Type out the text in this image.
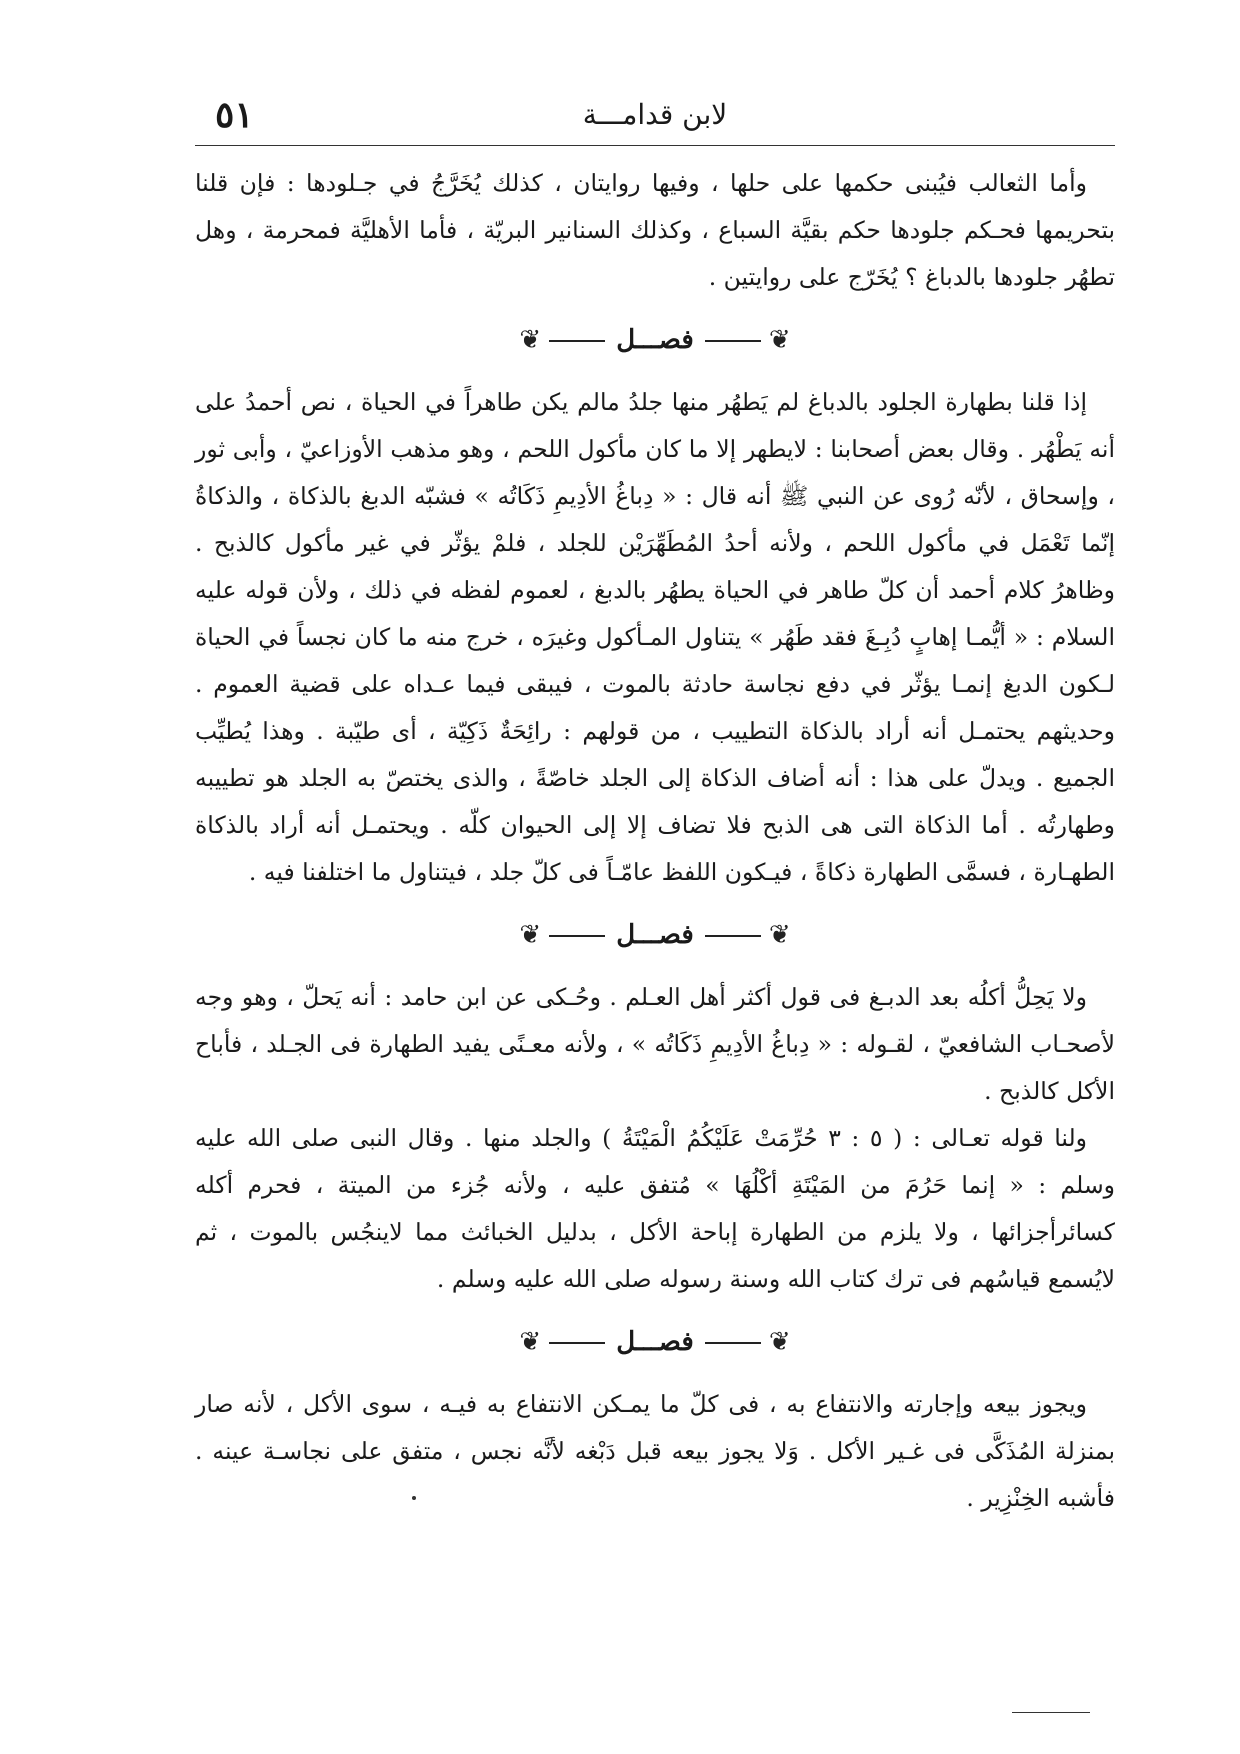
لابن قدامـــة
٥١

وأما الثعالب فيُبنى حكمها على حلها ، وفيها روايتان ، كذلك يُخَرَّجُ في جـلودها : فإن قلنا بتحريمها فحـكم جلودها حكم بقيَّة السباع ، وكذلك السنانير البريّة ، فأما الأهليَّة فمحرمة ، وهل تطهُر جلودها بالدباغ ؟ يُخَرّج على روايتين .

❦ فصـــل ❦

إذا قلنا بطهارة الجلود بالدباغ لم يَطهُر منها جلدُ مالم يكن طاهراً في الحياة ، نص أحمدُ على أنه يَطْهُر . وقال بعض أصحابنا : لايطهر إلا ما كان مأكول اللحم ، وهو مذهب الأوزاعيّ ، وأبى ثور ، وإسحاق ، لأنّه رُوى عن النبي ﷺ أنه قال : « دِباغُ الأدِيمِ ذَكَاتُه » فشبّه الدبغ بالذكاة ، والذكاةُ إنّما تَعْمَل في مأكول اللحم ، ولأنه أحدُ المُطَهِّرَيْن للجلد ، فلمْ يؤثّر في غير مأكول كالذبح . وظاهرُ كلام أحمد أن كلّ طاهر في الحياة يطهُر بالدبغ ، لعموم لفظه في ذلك ، ولأن قوله عليه السلام : « أيُّمـا إهابٍ دُبِـغَ فقد طَهُر » يتناول المـأكول وغيرَه ، خرج منه ما كان نجساً في الحياة لـكون الدبغ إنمـا يؤثّر في دفع نجاسة حادثة بالموت ، فيبقى فيما عـداه على قضية العموم . وحديثهم يحتمـل أنه أراد بالذكاة التطييب ، من قولهم : رائِحَةٌ ذَكِيّة ، أى طيّبة . وهذا يُطيِّب الجميع . ويدلّ على هذا : أنه أضاف الذكاة إلى الجلد خاصّةً ، والذى يختصّ به الجلد هو تطييبه وطهارتُه . أما الذكاة التى هى الذبح فلا تضاف إلا إلى الحيوان كلّه . ويحتمـل أنه أراد بالذكاة الطهـارة ، فسمَّى الطهارة ذكاةً ، فيـكون اللفظ عامّـاً فى كلّ جلد ، فيتناول ما اختلفنا فيه .

❦ فصـــل ❦

ولا يَحِلُّ أكلُه بعد الدبـغ فى قول أكثر أهل العـلم . وحُـكى عن ابن حامد : أنه يَحلّ ، وهو وجه لأصحـاب الشافعيّ ، لقـوله : « دِباغُ الأدِيمِ ذَكَاتُه » ، ولأنه معـنًى يفيد الطهارة فى الجـلد ، فأباح الأكل كالذبح .

ولنا قوله تعـالى : ( ٥ : ٣ حُرِّمَتْ عَلَيْكُمُ الْمَيْتَةُ ) والجلد منها . وقال النبى صلى الله عليه وسلم : « إنما حَرُمَ من المَيْتَةِ أكْلُهَا » مُتفق عليه ، ولأنه جُزء من الميتة ، فحرم أكله كسائرأجزائها ، ولا يلزم من الطهارة إباحة الأكل ، بدليل الخبائث مما لاينجُس بالموت ، ثم لايُسمع قياسُهم فى ترك كتاب الله وسنة رسوله صلى الله عليه وسلم .

❦ فصـــل ❦

ويجوز بيعه وإجارته والانتفاع به ، فى كلّ ما يمـكن الانتفاع به فيـه ، سوى الأكل ، لأنه صار بمنزلة المُذَكَّى فى غـير الأكل . وَلا يجوز بيعه قبل دَبْغه لأنَّه نجس ، متفق على نجاسـة عينه . فأشبه الخِنْزِير .
